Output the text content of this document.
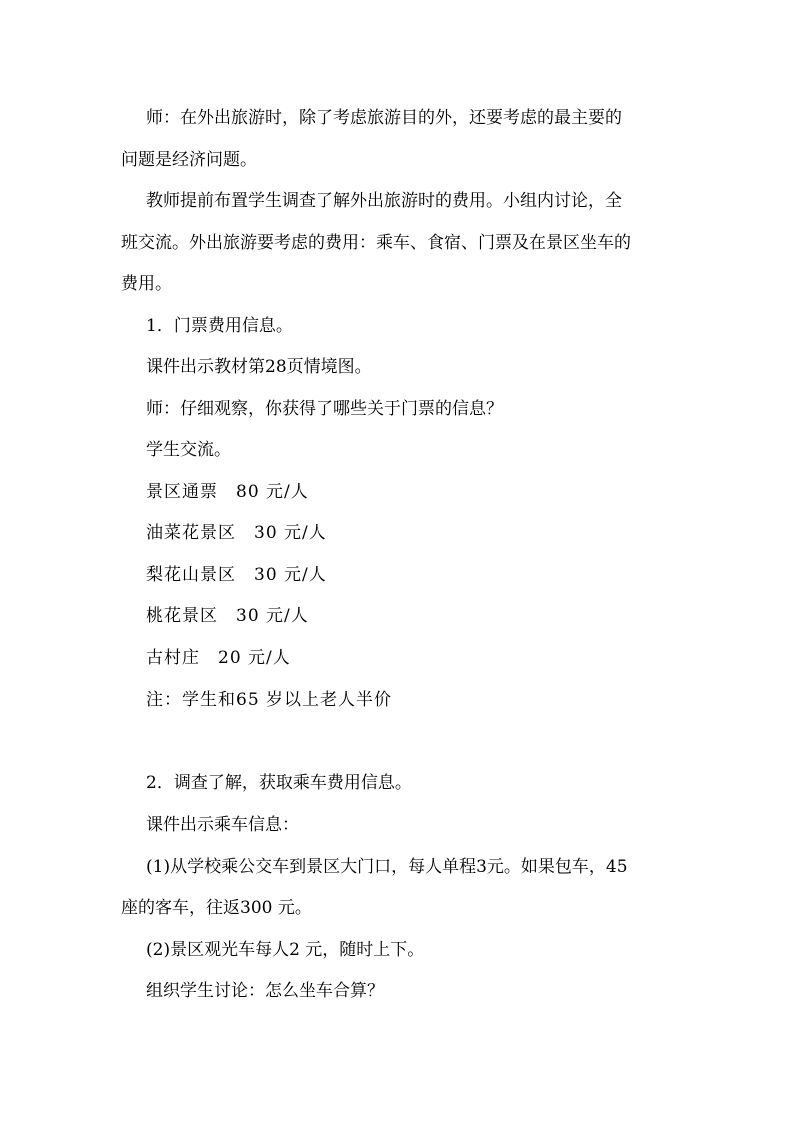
师：在外出旅游时，除了考虑旅游目的外，还要考虑的最主要的
问题是经济问题。
教师提前布置学生调查了解外出旅游时的费用。小组内讨论，全
班交流。外出旅游要考虑的费用：乘车、食宿、门票及在景区坐车的
费用。
1．门票费用信息。
课件出示教材第28页情境图。
师：仔细观察，你获得了哪些关于门票的信息？
学生交流。
景区通票　80 元/人
油菜花景区　30 元/人
梨花山景区　30 元/人
桃花景区　30 元/人
古村庄　20 元/人
注：学生和65 岁以上老人半价
2．调查了解，获取乘车费用信息。
课件出示乘车信息：
(1)从学校乘公交车到景区大门口，每人单程3元。如果包车，45
座的客车，往返300 元。
(2)景区观光车每人2 元，随时上下。
组织学生讨论：怎么坐车合算？
